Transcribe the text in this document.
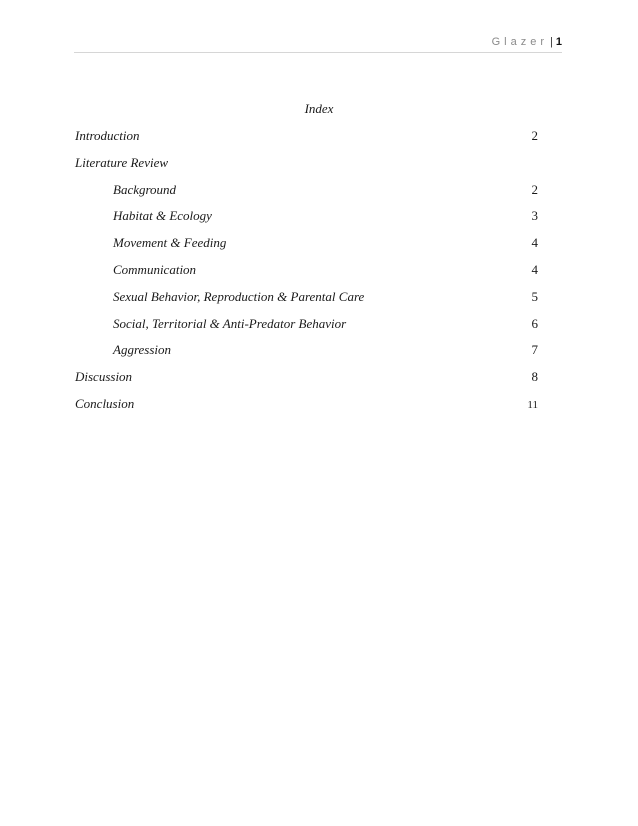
Glazer | 1
Index
Introduction	2
Literature Review
Background	2
Habitat & Ecology	3
Movement & Feeding	4
Communication	4
Sexual Behavior, Reproduction & Parental Care	5
Social, Territorial & Anti-Predator Behavior	6
Aggression	7
Discussion	8
Conclusion	11
